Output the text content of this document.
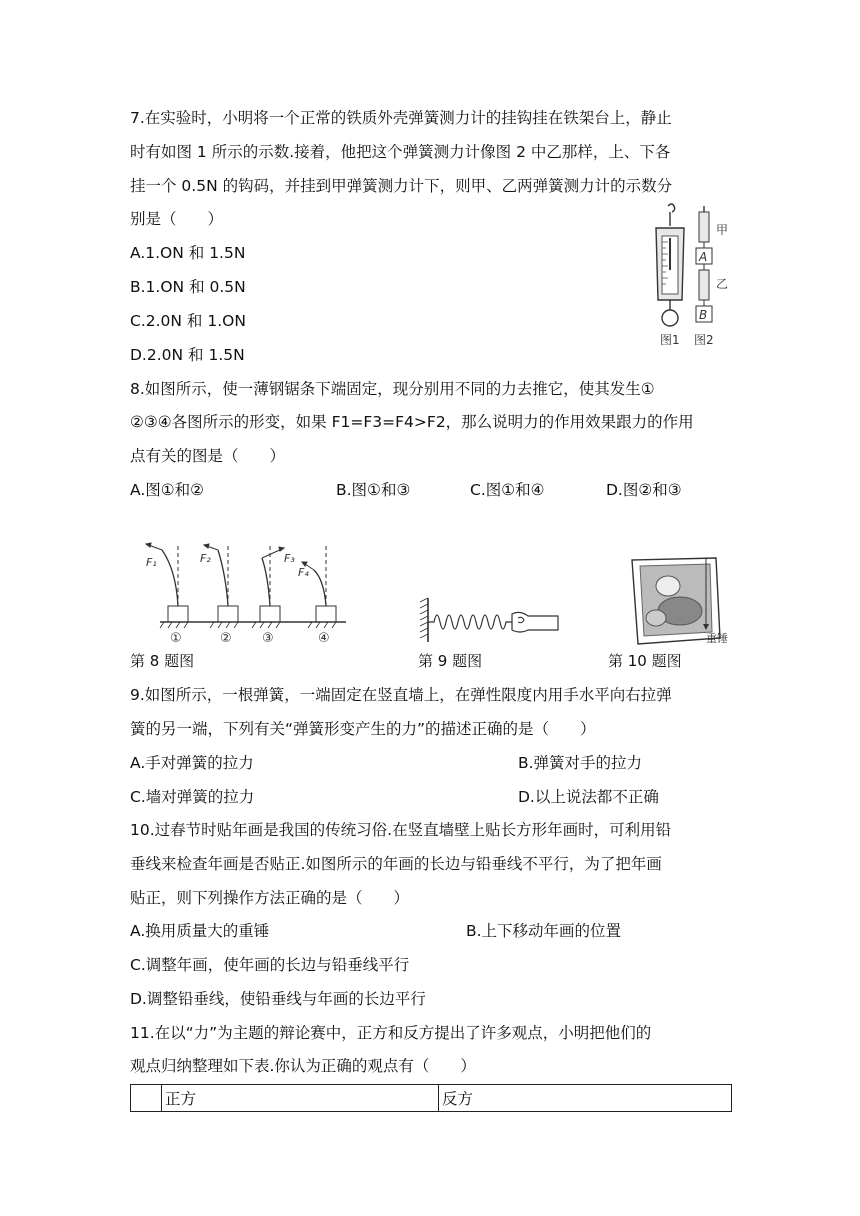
7.在实验时，小明将一个正常的铁质外壳弹簧测力计的挂钩挂在铁架台上，静止
时有如图 1 所示的示数.接着，他把这个弹簧测力计像图 2 中乙那样，上、下各
挂一个 0.5N 的钩码，并挂到甲弹簧测力计下，则甲、乙两弹簧测力计的示数分
别是（　　）
A.1.ON 和 1.5N
B.1.ON 和 0.5N
C.2.0N 和 1.ON
D.2.0N 和 1.5N
图1
甲
A
乙
B
图2
8.如图所示，使一薄钢锯条下端固定，现分别用不同的力去推它，使其发生①
②③④各图所示的形变，如果 F1=F3=F4>F2，那么说明力的作用效果跟力的作用
点有关的图是（　　）
A.图①和②	B.图①和③	C.图①和④	D.图②和③
F₁	F₂	F₃
F₄
①	② ③	④	重锤
第 8 题图	第 9 题图	第 10 题图
9.如图所示，一根弹簧，一端固定在竖直墙上，在弹性限度内用手水平向右拉弹
簧的另一端，下列有关“弹簧形变产生的力”的描述正确的是（　　）
A.手对弹簧的拉力	B.弹簧对手的拉力
C.墙对弹簧的拉力	D.以上说法都不正确
10.过春节时贴年画是我国的传统习俗.在竖直墙壁上贴长方形年画时，可利用铅
垂线来检查年画是否贴正.如图所示的年画的长边与铅垂线不平行，为了把年画
贴正，则下列操作方法正确的是（　　）
A.换用质量大的重锤	B.上下移动年画的位置
C.调整年画，使年画的长边与铅垂线平行
D.调整铅垂线，使铅垂线与年画的长边平行
11.在以“力”为主题的辩论赛中，正方和反方提出了许多观点，小明把他们的
观点归纳整理如下表.你认为正确的观点有（　　）
	正方	反方
